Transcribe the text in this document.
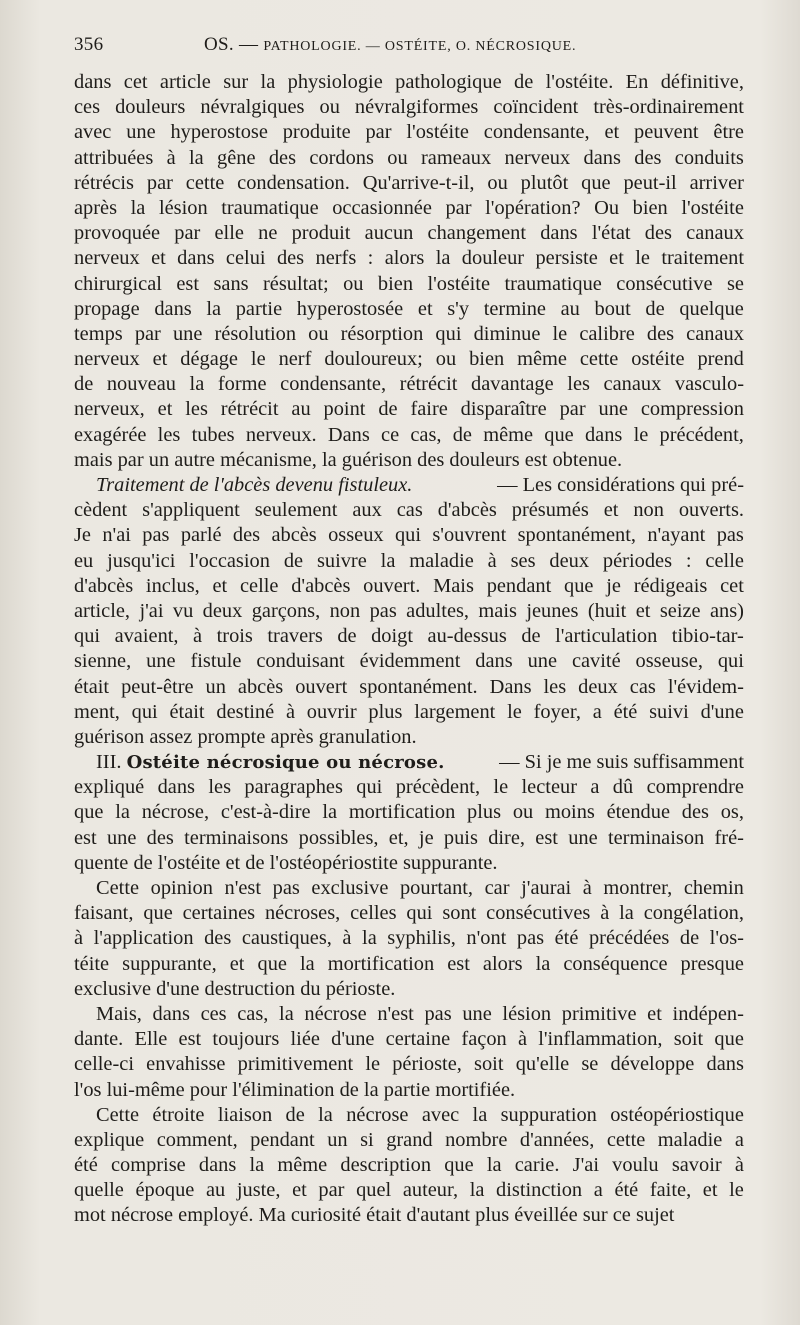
356	OS. — PATHOLOGIE. — OSTÉITE, O. NÉCROSIQUE.
dans cet article sur la physiologie pathologique de l'ostéite. En définitive,
ces douleurs névralgiques ou névralgiformes coïncident très-ordinairement
avec une hyperostose produite par l'ostéite condensante, et peuvent être
attribuées à la gêne des cordons ou rameaux nerveux dans des conduits
rétrécis par cette condensation. Qu'arrive-t-il, ou plutôt que peut-il arriver
après la lésion traumatique occasionnée par l'opération? Ou bien l'ostéite
provoquée par elle ne produit aucun changement dans l'état des canaux
nerveux et dans celui des nerfs : alors la douleur persiste et le traitement
chirurgical est sans résultat; ou bien l'ostéite traumatique consécutive se
propage dans la partie hyperostosée et s'y termine au bout de quelque
temps par une résolution ou résorption qui diminue le calibre des canaux
nerveux et dégage le nerf douloureux; ou bien même cette ostéite prend
de nouveau la forme condensante, rétrécit davantage les canaux vasculo-
nerveux, et les rétrécit au point de faire disparaître par une compression
exagérée les tubes nerveux. Dans ce cas, de même que dans le précédent,
mais par un autre mécanisme, la guérison des douleurs est obtenue.
Traitement de l'abcès devenu fistuleux.	— Les considérations qui pré-
cèdent s'appliquent seulement aux cas d'abcès présumés et non ouverts.
Je n'ai pas parlé des abcès osseux qui s'ouvrent spontanément, n'ayant pas
eu jusqu'ici l'occasion de suivre la maladie à ses deux périodes : celle
d'abcès inclus, et celle d'abcès ouvert. Mais pendant que je rédigeais cet
article, j'ai vu deux garçons, non pas adultes, mais jeunes (huit et seize ans)
qui avaient, à trois travers de doigt au-dessus de l'articulation tibio-tar-
sienne, une fistule conduisant évidemment dans une cavité osseuse, qui
était peut-être un abcès ouvert spontanément. Dans les deux cas l'évidem-
ment, qui était destiné à ouvrir plus largement le foyer, a été suivi d'une
guérison assez prompte après granulation.
III. Ostéite nécrosique ou nécrose.	— Si je me suis suffisamment
expliqué dans les paragraphes qui précèdent, le lecteur a dû comprendre
que la nécrose, c'est-à-dire la mortification plus ou moins étendue des os,
est une des terminaisons possibles, et, je puis dire, est une terminaison fré-
quente de l'ostéite et de l'ostéopériostite suppurante.
Cette opinion n'est pas exclusive pourtant, car j'aurai à montrer, chemin
faisant, que certaines nécroses, celles qui sont consécutives à la congélation,
à l'application des caustiques, à la syphilis, n'ont pas été précédées de l'os-
téite suppurante, et que la mortification est alors la conséquence presque
exclusive d'une destruction du périoste.
Mais, dans ces cas, la nécrose n'est pas une lésion primitive et indépen-
dante. Elle est toujours liée d'une certaine façon à l'inflammation, soit que
celle-ci envahisse primitivement le périoste, soit qu'elle se développe dans
l'os lui-même pour l'élimination de la partie mortifiée.
Cette étroite liaison de la nécrose avec la suppuration ostéopériostique
explique comment, pendant un si grand nombre d'années, cette maladie a
été comprise dans la même description que la carie. J'ai voulu savoir à
quelle époque au juste, et par quel auteur, la distinction a été faite, et le
mot nécrose employé. Ma curiosité était d'autant plus éveillée sur ce sujet
